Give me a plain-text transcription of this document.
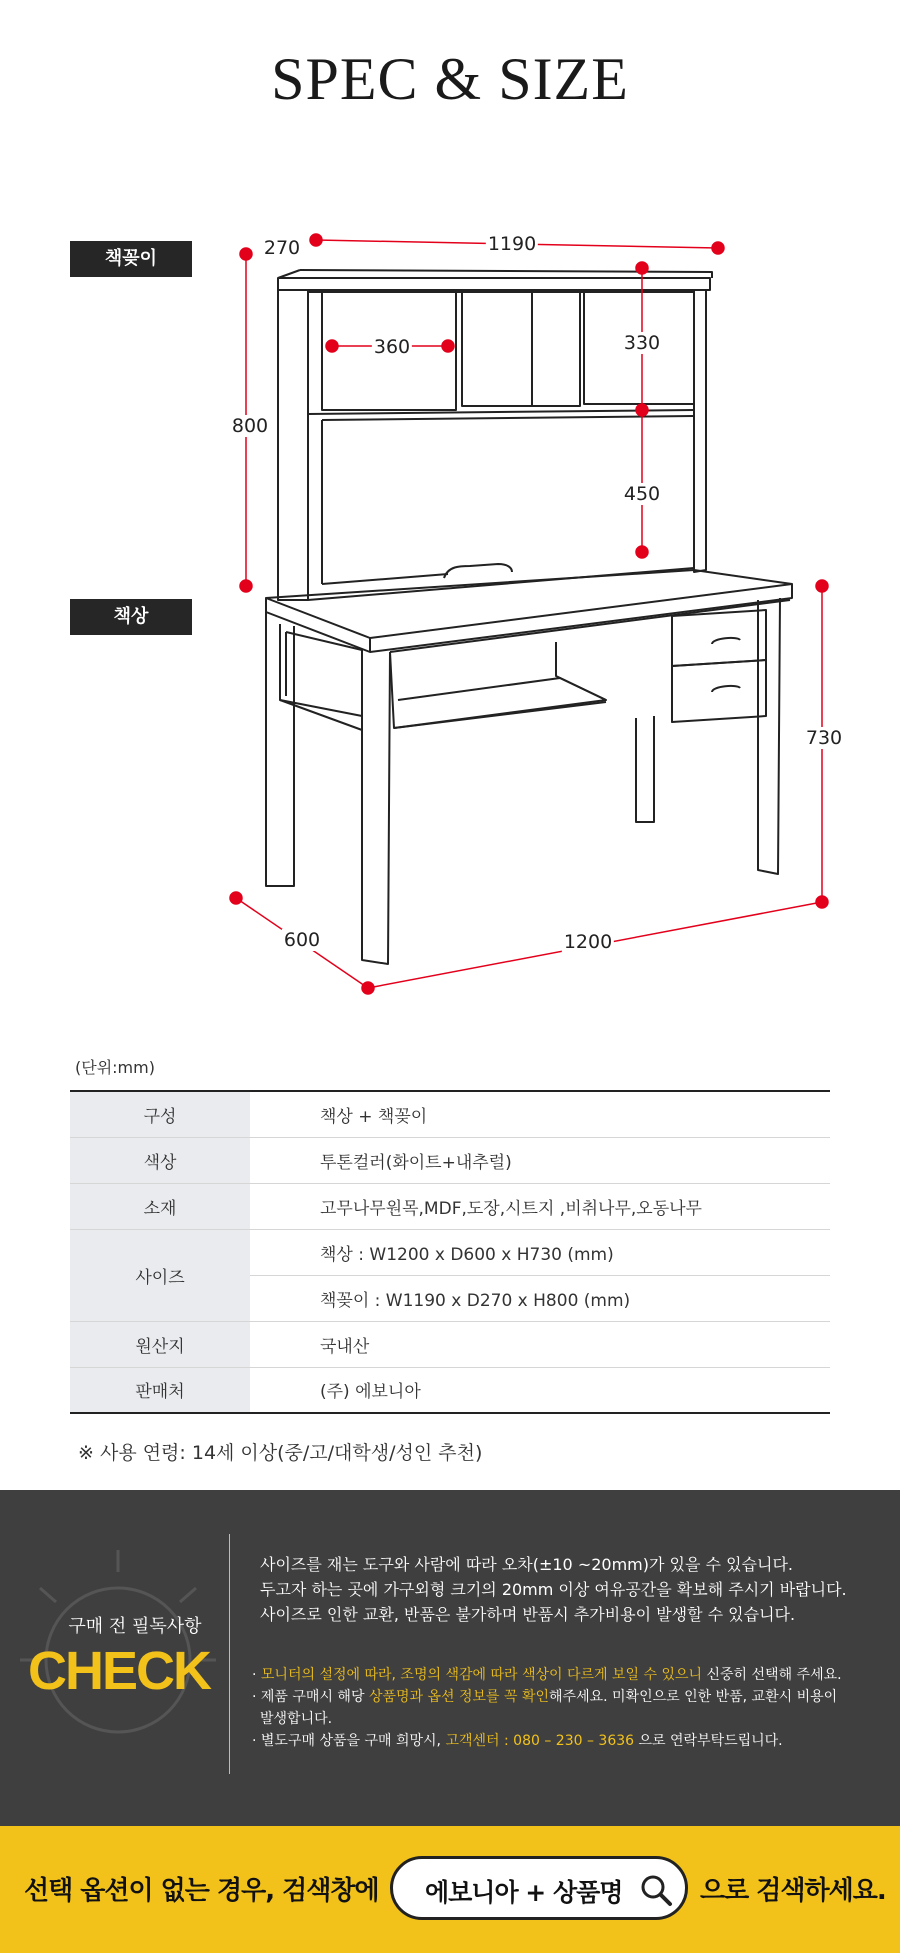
SPEC & SIZE
책꽂이
책상
270	1190
800
360	330
450
730
600	1200
(단위:mm)
구성	책상 + 책꽂이
색상	투톤컬러(화이트+내추럴)
소재	고무나무원목,MDF,도장,시트지 ,비취나무,오동나무
사이즈	책상 : W1200 x D600 x H730 (mm)
	책꽂이 : W1190 x D270 x H800 (mm)
원산지	국내산
판매처	(주) 에보니아
※ 사용 연령: 14세 이상(중/고/대학생/성인 추천)
구매 전 필독사항
CHECK
사이즈를 재는 도구와 사람에 따라 오차(±10 ~20mm)가 있을 수 있습니다.
두고자 하는 곳에 가구외형 크기의 20mm 이상 여유공간을 확보해 주시기 바랍니다.
사이즈로 인한 교환, 반품은 불가하며 반품시 추가비용이 발생할 수 있습니다.
· 모니터의 설정에 따라, 조명의 색감에 따라 색상이 다르게 보일 수 있으니 신중히 선택해 주세요.
· 제품 구매시 해당 상품명과 옵션 정보를 꼭 확인해주세요. 미확인으로 인한 반품, 교환시 비용이
발생합니다.
· 별도구매 상품을 구매 희망시, 고객센터 : 080 – 230 – 3636 으로 연락부탁드립니다.
선택 옵션이 없는 경우, 검색창에 에보니아 + 상품명	으로 검색하세요.
